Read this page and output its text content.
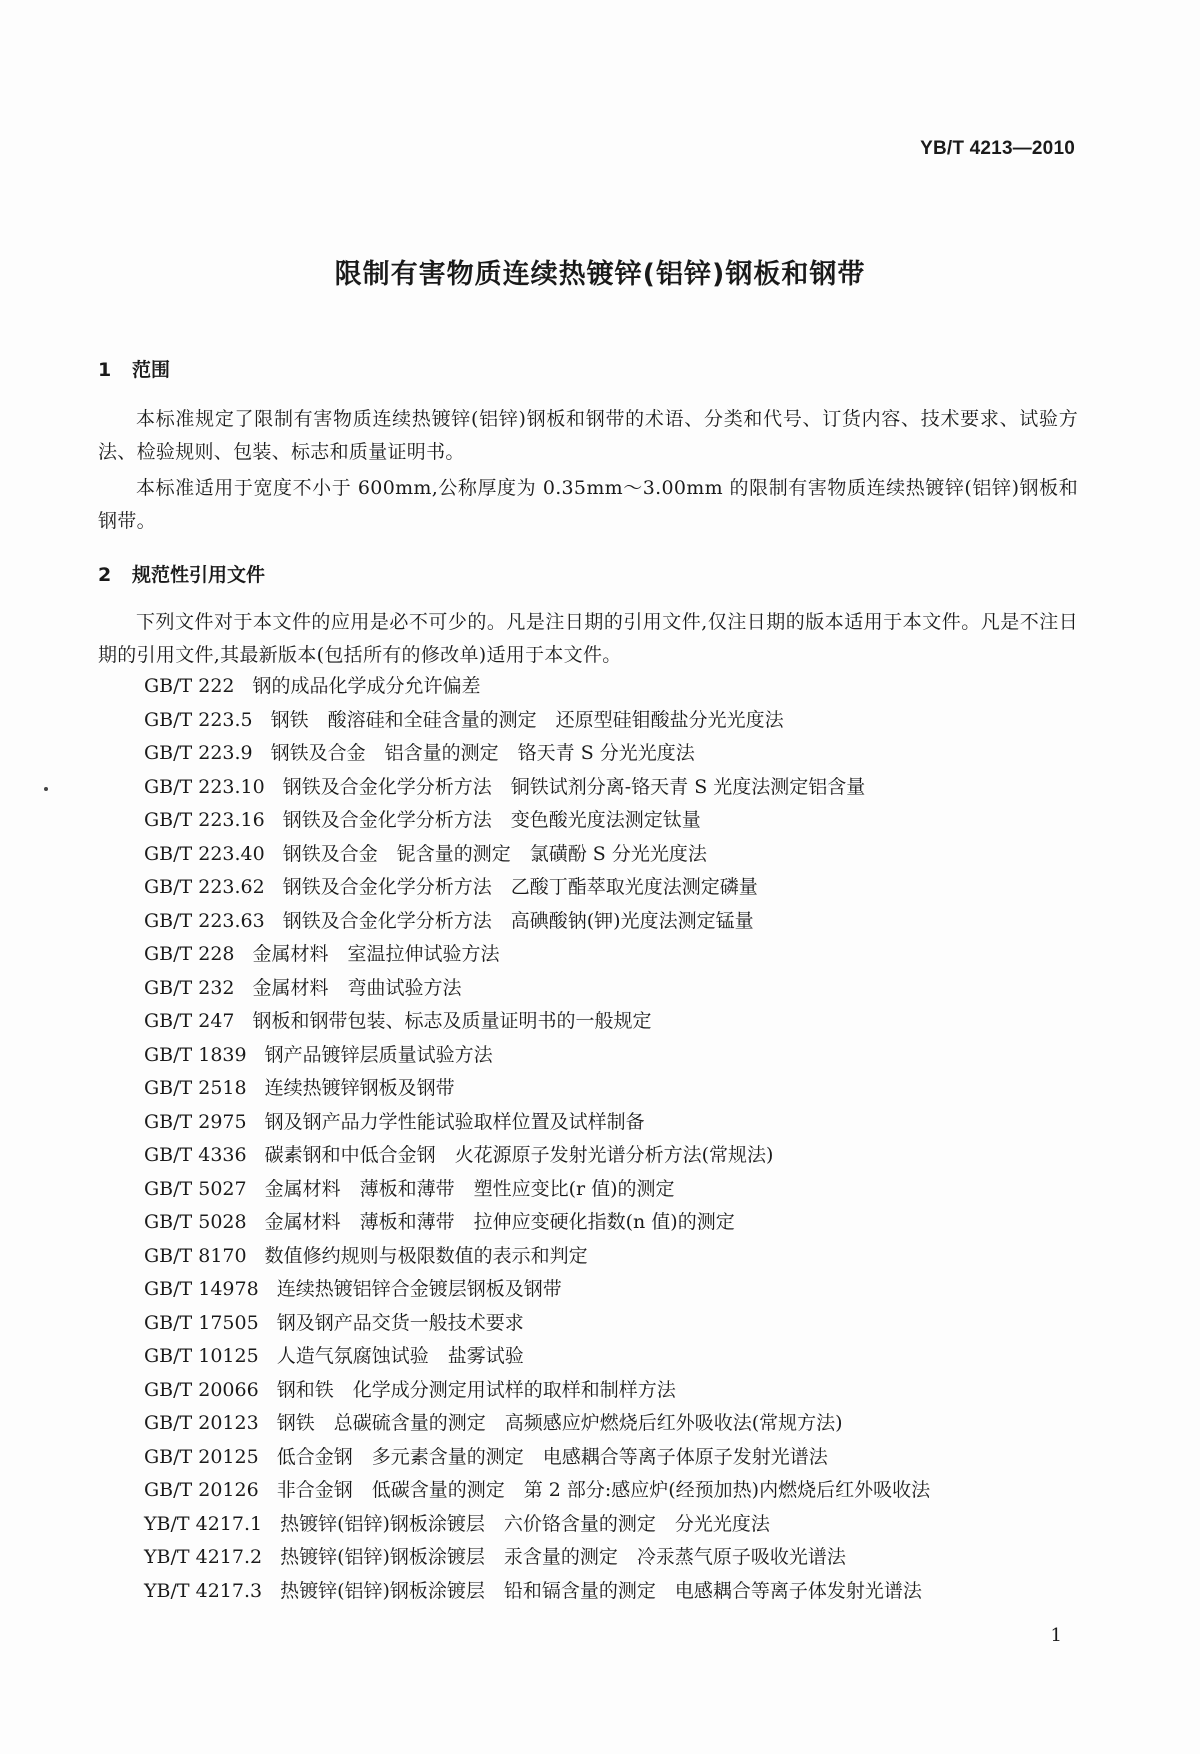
YB/T 4213—2010
限制有害物质连续热镀锌(铝锌)钢板和钢带
1 范围
本标准规定了限制有害物质连续热镀锌(铝锌)钢板和钢带的术语、分类和代号、订货内容、技术要求、试验方法、检验规则、包装、标志和质量证明书。
本标准适用于宽度不小于 600mm,公称厚度为 0.35mm～3.00mm 的限制有害物质连续热镀锌(铝锌)钢板和钢带。
2 规范性引用文件
下列文件对于本文件的应用是必不可少的。凡是注日期的引用文件,仅注日期的版本适用于本文件。凡是不注日期的引用文件,其最新版本(包括所有的修改单)适用于本文件。
GB/T 222 钢的成品化学成分允许偏差
GB/T 223.5 钢铁　酸溶硅和全硅含量的测定　还原型硅钼酸盐分光光度法
GB/T 223.9 钢铁及合金　铝含量的测定　铬天青 S 分光光度法
GB/T 223.10 钢铁及合金化学分析方法　铜铁试剂分离-铬天青 S 光度法测定铝含量
GB/T 223.16 钢铁及合金化学分析方法　变色酸光度法测定钛量
GB/T 223.40 钢铁及合金　铌含量的测定　氯磺酚 S 分光光度法
GB/T 223.62 钢铁及合金化学分析方法　乙酸丁酯萃取光度法测定磷量
GB/T 223.63 钢铁及合金化学分析方法　高碘酸钠(钾)光度法测定锰量
GB/T 228 金属材料　室温拉伸试验方法
GB/T 232 金属材料　弯曲试验方法
GB/T 247 钢板和钢带包装、标志及质量证明书的一般规定
GB/T 1839 钢产品镀锌层质量试验方法
GB/T 2518 连续热镀锌钢板及钢带
GB/T 2975 钢及钢产品力学性能试验取样位置及试样制备
GB/T 4336 碳素钢和中低合金钢　火花源原子发射光谱分析方法(常规法)
GB/T 5027 金属材料　薄板和薄带　塑性应变比(r 值)的测定
GB/T 5028 金属材料　薄板和薄带　拉伸应变硬化指数(n 值)的测定
GB/T 8170 数值修约规则与极限数值的表示和判定
GB/T 14978 连续热镀铝锌合金镀层钢板及钢带
GB/T 17505 钢及钢产品交货一般技术要求
GB/T 10125 人造气氛腐蚀试验　盐雾试验
GB/T 20066 钢和铁　化学成分测定用试样的取样和制样方法
GB/T 20123 钢铁　总碳硫含量的测定　高频感应炉燃烧后红外吸收法(常规方法)
GB/T 20125 低合金钢　多元素含量的测定　电感耦合等离子体原子发射光谱法
GB/T 20126 非合金钢　低碳含量的测定　第 2 部分:感应炉(经预加热)内燃烧后红外吸收法
YB/T 4217.1 热镀锌(铝锌)钢板涂镀层　六价铬含量的测定　分光光度法
YB/T 4217.2 热镀锌(铝锌)钢板涂镀层　汞含量的测定　冷汞蒸气原子吸收光谱法
YB/T 4217.3 热镀锌(铝锌)钢板涂镀层　铅和镉含量的测定　电感耦合等离子体发射光谱法
1
